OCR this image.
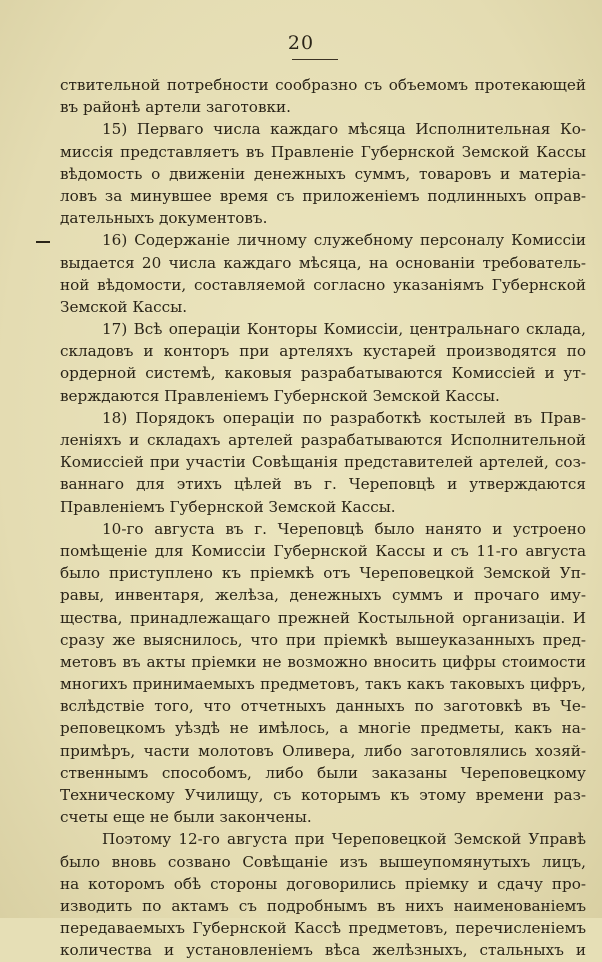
20
ствительной потребности сообразно съ объемомъ протекающей
въ районѣ артели заготовки.
15) Перваго числа каждаго мѣсяца Исполнительная Ко-
миссія представляетъ въ Правленіе Губернской Земской Кассы
вѣдомость о движеніи денежныхъ суммъ, товаровъ и матеріа-
ловъ за минувшее время съ приложеніемъ подлинныхъ оправ-
дательныхъ документовъ.
16) Содержаніе личному служебному персоналу Комиссіи
выдается 20 числа каждаго мѣсяца, на основаніи требователь-
ной вѣдомости, составляемой согласно указаніямъ Губернской
Земской Кассы.
17) Всѣ операціи Конторы Комиссіи, центральнаго склада,
складовъ и конторъ при артеляхъ кустарей производятся по
ордерной системѣ, каковыя разрабатываются Комиссіей и ут-
верждаются Правленіемъ Губернской Земской Кассы.
18) Порядокъ операціи по разработкѣ костылей въ Прав-
леніяхъ и складахъ артелей разрабатываются Исполнительной
Комиссіей при участіи Совѣщанія представителей артелей, соз-
ваннаго для этихъ цѣлей въ г. Череповцѣ и утверждаются
Правленіемъ Губернской Земской Кассы.
10-го августа въ г. Череповцѣ было нанято и устроено
помѣщеніе для Комиссіи Губернской Кассы и съ 11-го августа
было приступлено къ пріемкѣ отъ Череповецкой Земской Уп-
равы, инвентаря, желѣза, денежныхъ суммъ и прочаго иму-
щества, принадлежащаго прежней Костыльной организаціи. И
сразу же выяснилось, что при пріемкѣ вышеуказанныхъ пред-
метовъ въ акты пріемки не возможно вносить цифры стоимости
многихъ принимаемыхъ предметовъ, такъ какъ таковыхъ цифръ,
вслѣдствіе того, что отчетныхъ данныхъ по заготовкѣ въ Че-
реповецкомъ уѣздѣ не имѣлось, а многіе предметы, какъ на-
примѣръ, части молотовъ Оливера, либо заготовлялись хозяй-
ственнымъ способомъ, либо были заказаны Череповецкому
Техническому Училищу, съ которымъ къ этому времени раз-
счеты еще не были закончены.
Поэтому 12-го августа при Череповецкой Земской Управѣ
было вновь созвано Совѣщаніе изъ вышеупомянутыхъ лицъ,
на которомъ обѣ стороны договорились пріемку и сдачу про-
изводить по актамъ съ подробнымъ въ нихъ наименованіемъ
передаваемыхъ Губернской Кассѣ предметовъ, перечисленіемъ
количества и установленіемъ вѣса желѣзныхъ, стальныхъ и
